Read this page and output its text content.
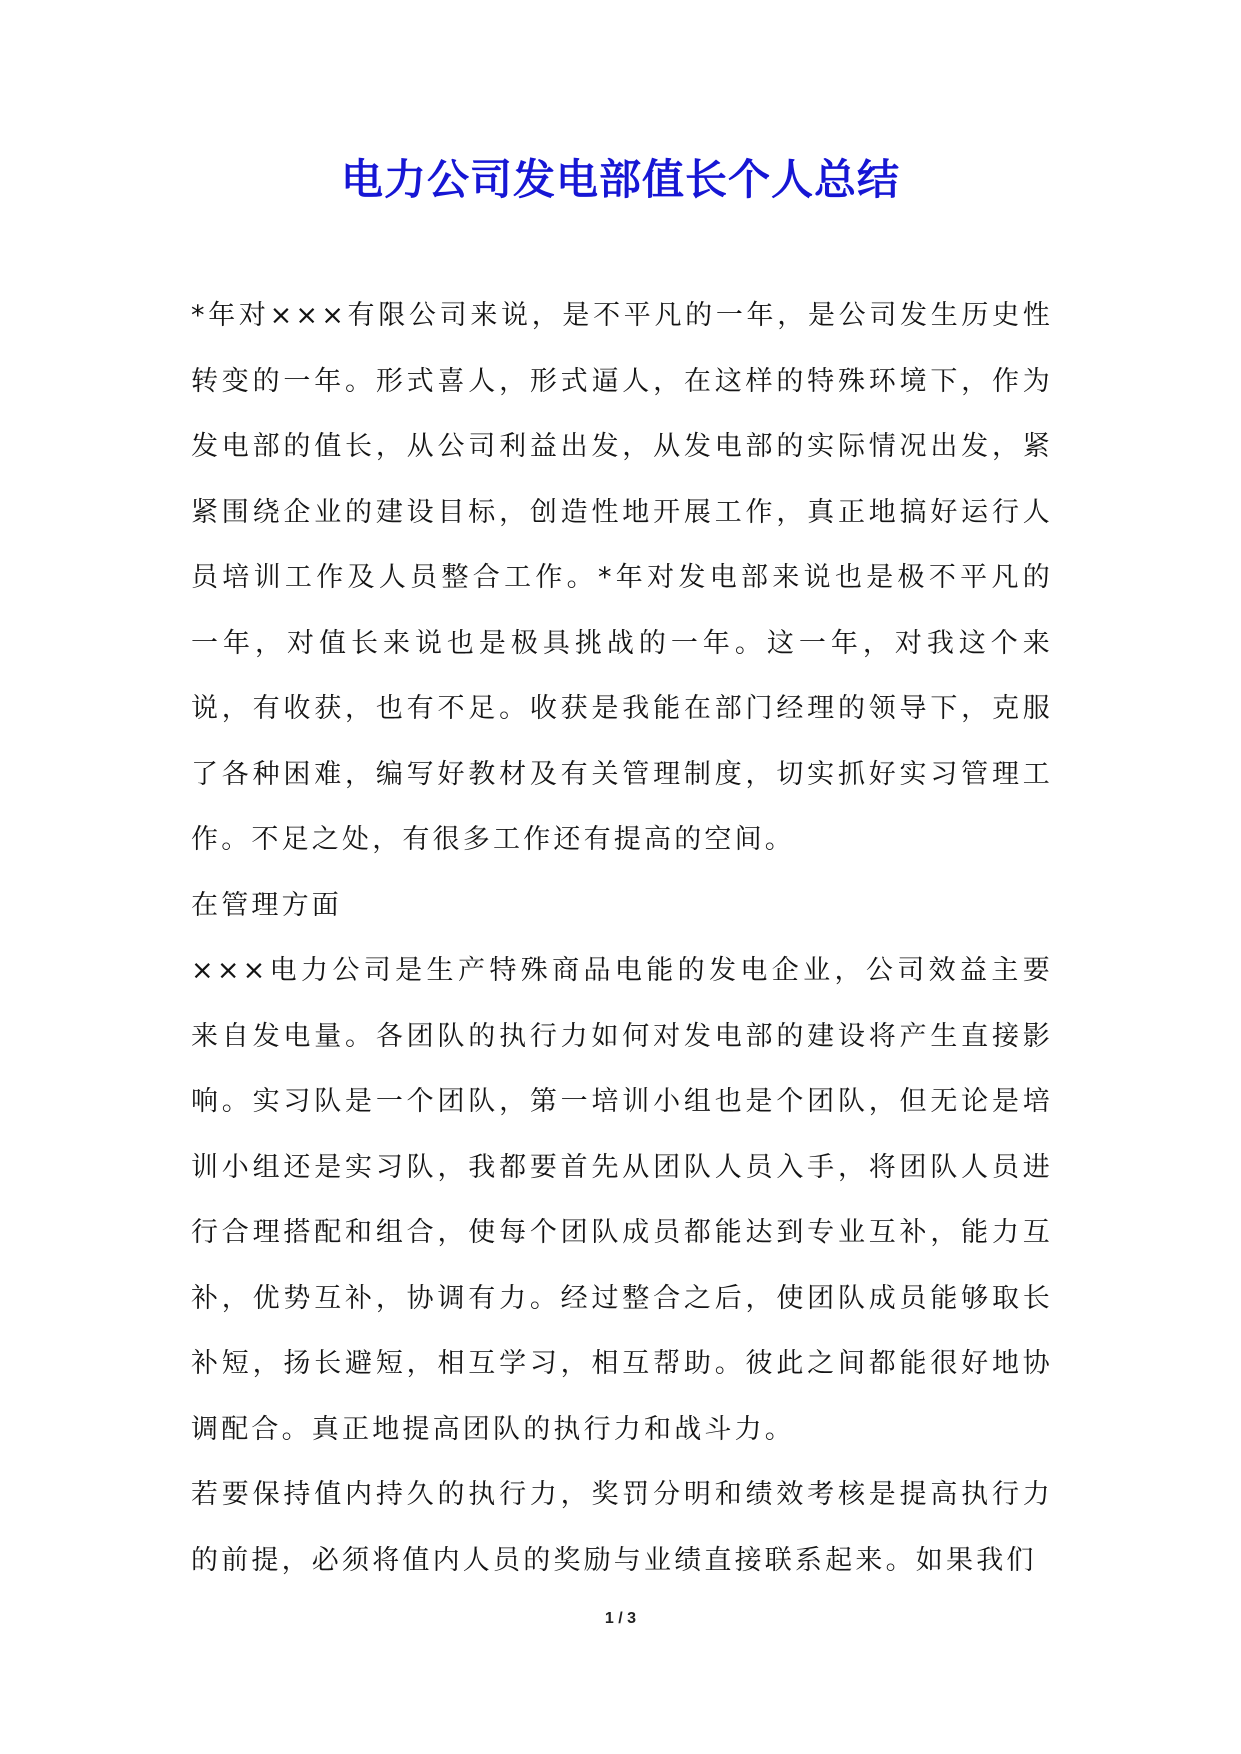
电力公司发电部值长个人总结

*年对×××有限公司来说，是不平凡的一年，是公司发生历史性转变的一年。形式喜人，形式逼人，在这样的特殊环境下，作为发电部的值长，从公司利益出发，从发电部的实际情况出发，紧紧围绕企业的建设目标，创造性地开展工作，真正地搞好运行人员培训工作及人员整合工作。*年对发电部来说也是极不平凡的一年，对值长来说也是极具挑战的一年。这一年，对我这个来说，有收获，也有不足。收获是我能在部门经理的领导下，克服了各种困难，编写好教材及有关管理制度，切实抓好实习管理工作。不足之处，有很多工作还有提高的空间。

在管理方面

×××电力公司是生产特殊商品电能的发电企业，公司效益主要来自发电量。各团队的执行力如何对发电部的建设将产生直接影响。实习队是一个团队，第一培训小组也是个团队，但无论是培训小组还是实习队，我都要首先从团队人员入手，将团队人员进行合理搭配和组合，使每个团队成员都能达到专业互补，能力互补，优势互补，协调有力。经过整合之后，使团队成员能够取长补短，扬长避短，相互学习，相互帮助。彼此之间都能很好地协调配合。真正地提高团队的执行力和战斗力。

若要保持值内持久的执行力，奖罚分明和绩效考核是提高执行力的前提，必须将值内人员的奖励与业绩直接联系起来。如果我们

1 / 3
